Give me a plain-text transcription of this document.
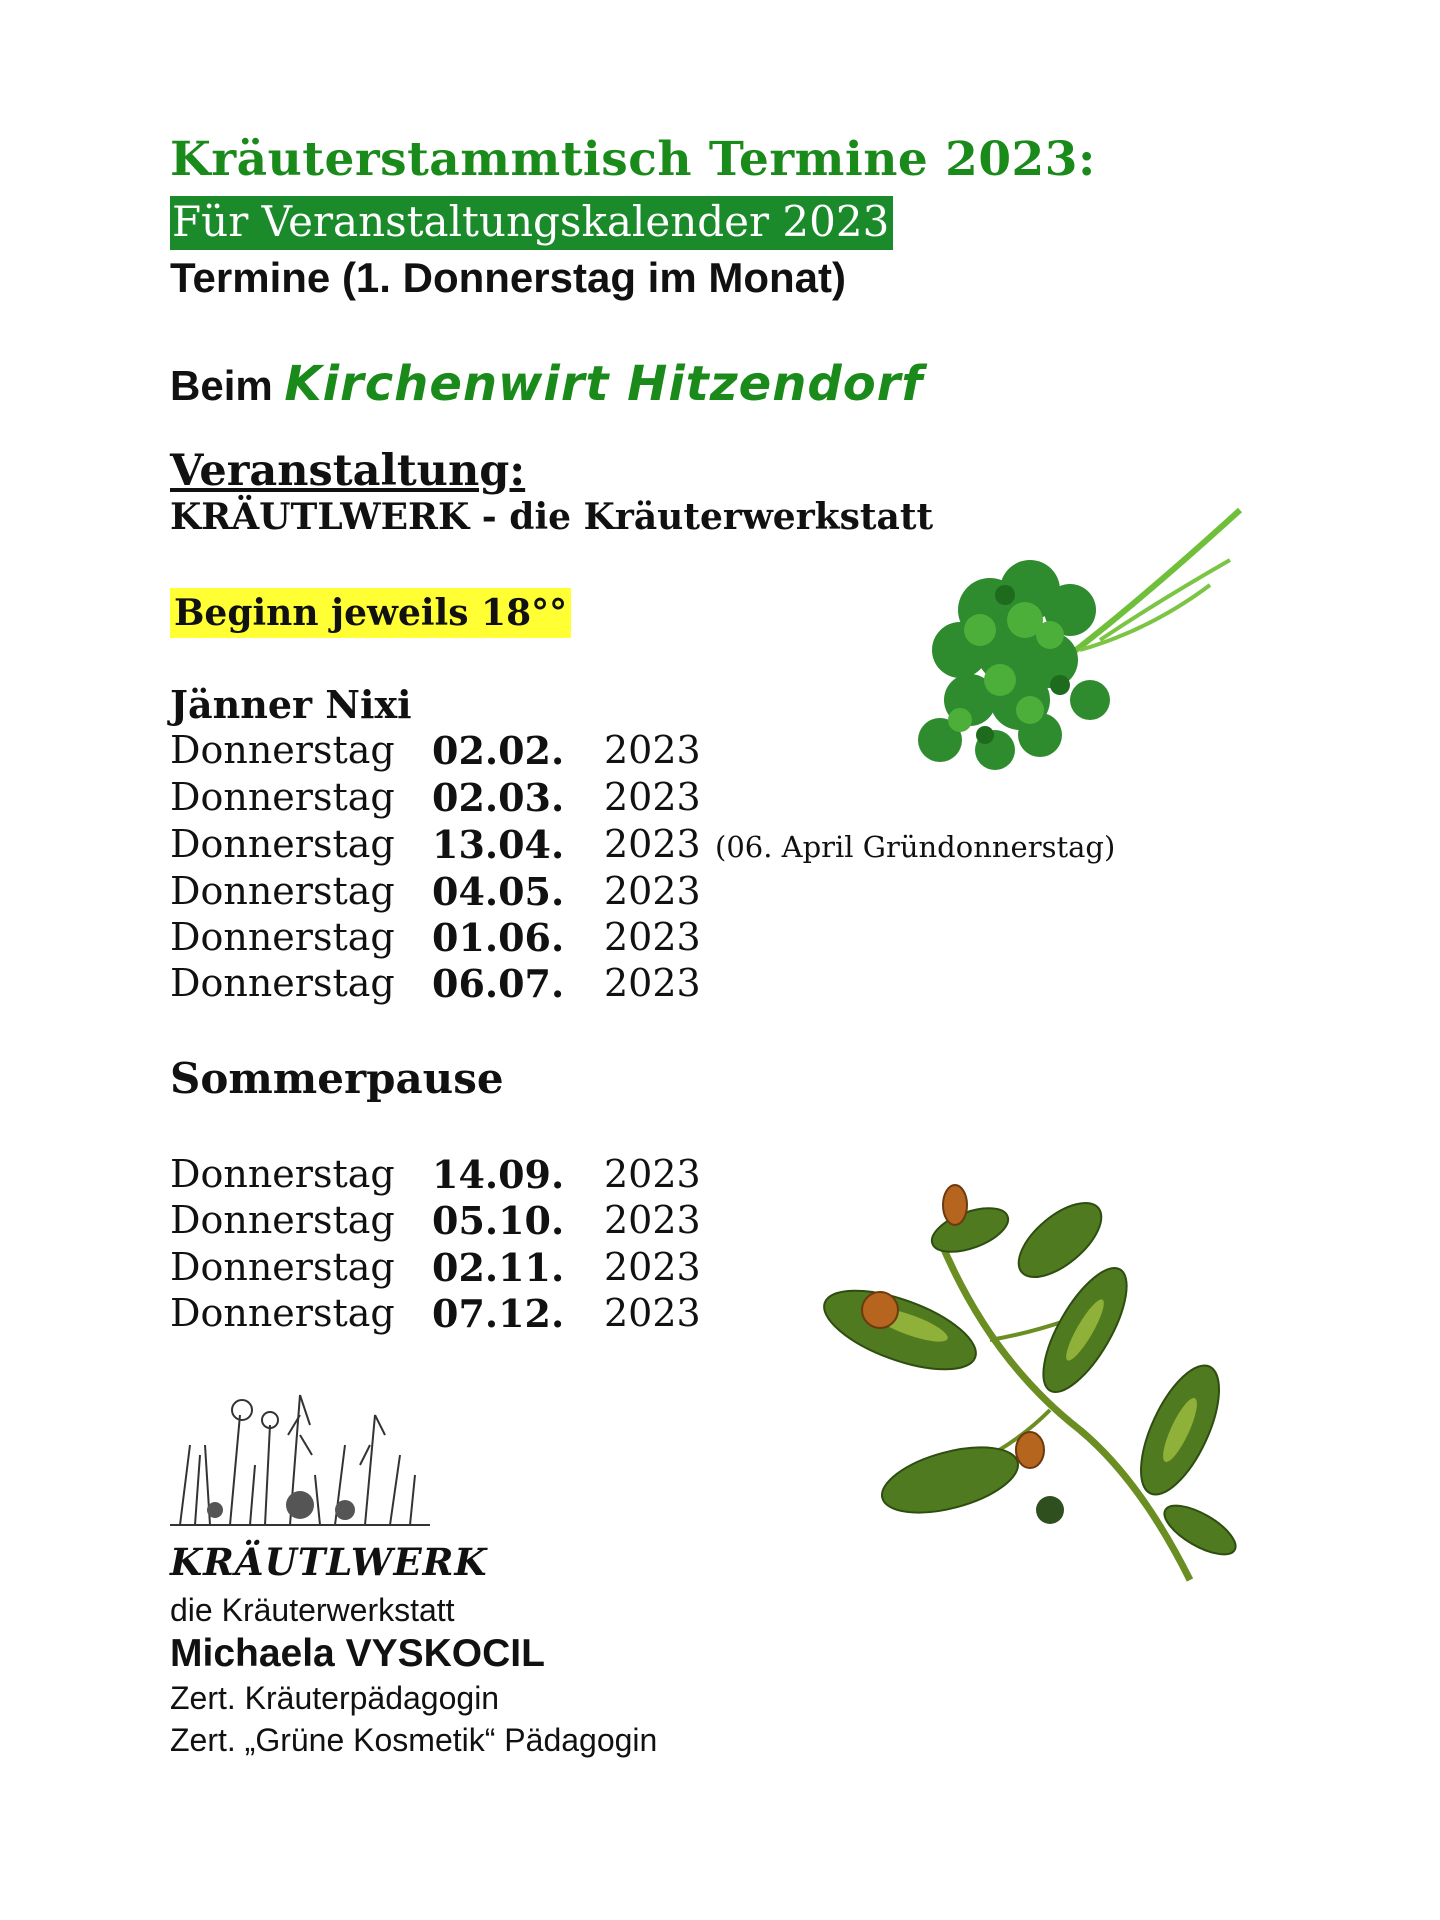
Kräuterstammtisch Termine 2023:
Für Veranstaltungskalender 2023
Termine (1. Donnerstag im Monat)
Beim Kirchenwirt Hitzendorf
Veranstaltung:
KRÄUTLWERK - die Kräuterwerkstatt
Beginn jeweils 18°°
Jänner Nixi
Donnerstag 02.02. 2023
Donnerstag 02.03. 2023
Donnerstag 13.04. 2023 (06. April Gründonnerstag)
Donnerstag 04.05. 2023
Donnerstag 01.06. 2023
Donnerstag 06.07. 2023
Sommerpause
Donnerstag 14.09. 2023
Donnerstag 05.10. 2023
Donnerstag 02.11. 2023
Donnerstag 07.12. 2023
KRÄUTLWERK
die Kräuterwerkstatt
Michaela VYSKOCIL
Zert. Kräuterpädagogin
Zert. „Grüne Kosmetik“ Pädagogin
